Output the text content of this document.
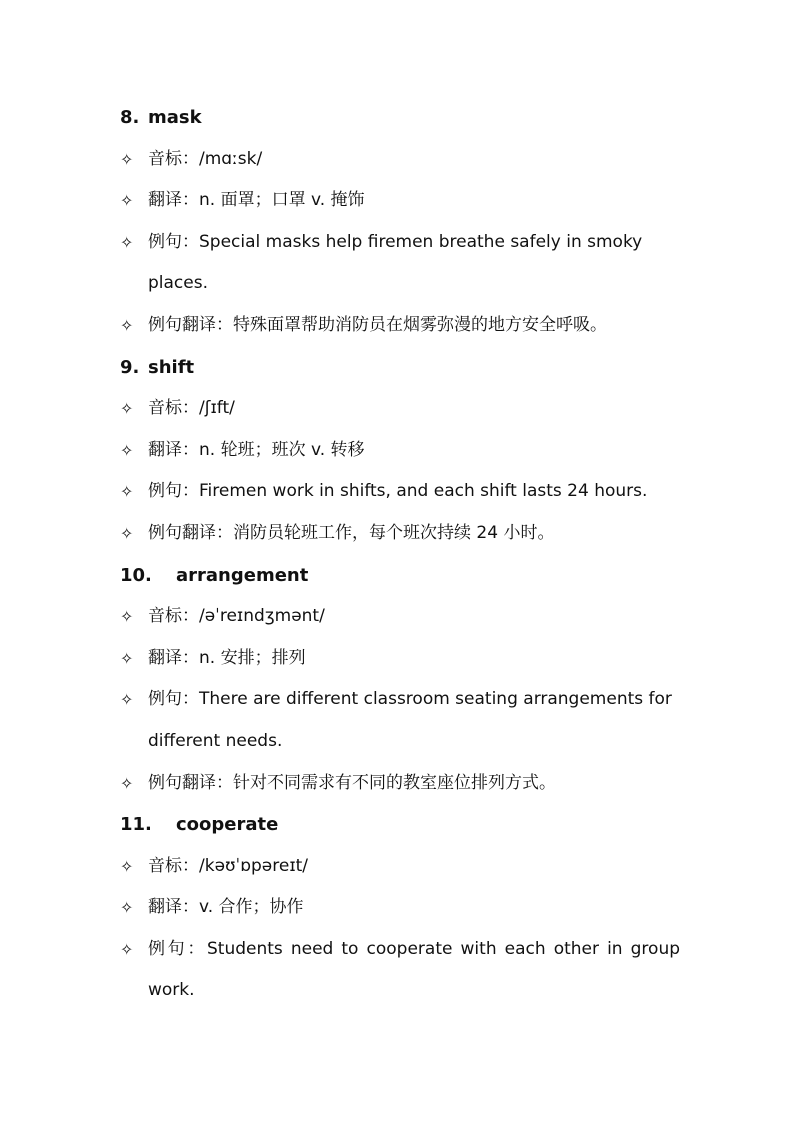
8. mask
✧ 音标：/mɑːsk/
✧ 翻译：n. 面罩；口罩 v. 掩饰
✧ 例句：Special masks help firemen breathe safely in smoky places.
✧ 例句翻译：特殊面罩帮助消防员在烟雾弥漫的地方安全呼吸。
9. shift
✧ 音标：/ʃɪft/
✧ 翻译：n. 轮班；班次 v. 转移
✧ 例句：Firemen work in shifts, and each shift lasts 24 hours.
✧ 例句翻译：消防员轮班工作，每个班次持续 24 小时。
10. arrangement
✧ 音标：/əˈreɪndʒmənt/
✧ 翻译：n. 安排；排列
✧ 例句：There are different classroom seating arrangements for different needs.
✧ 例句翻译：针对不同需求有不同的教室座位排列方式。
11. cooperate
✧ 音标：/kəʊˈɒpəreɪt/
✧ 翻译：v. 合作；协作
✧ 例句：Students need to cooperate with each other in group work.
